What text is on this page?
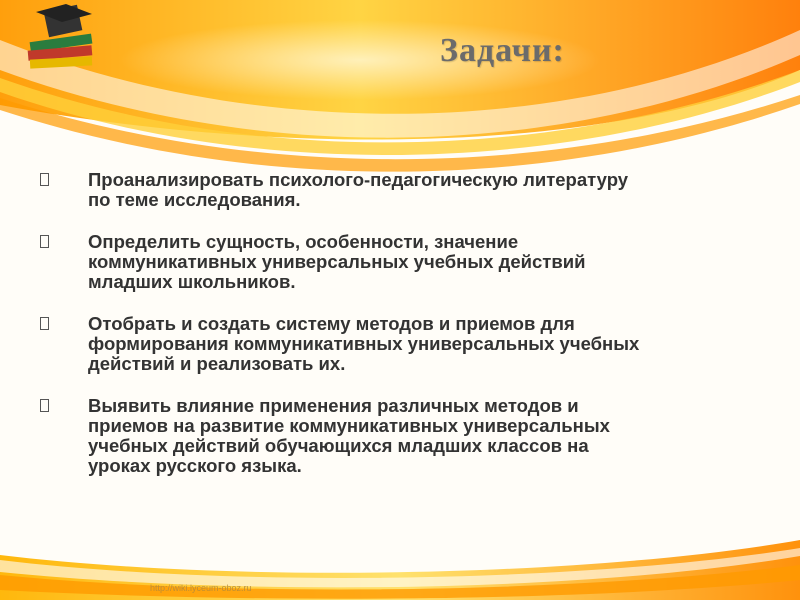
Задачи:
Проанализировать психолого-педагогическую литературу
по теме исследования.
Определить сущность, особенности, значение
коммуникативных универсальных учебных действий
младших школьников.
Отобрать и создать систему методов и приемов для
формирования коммуникативных универсальных учебных
действий и реализовать их.
Выявить влияние применения различных методов и
приемов на развитие коммуникативных универсальных
учебных действий обучающихся младших классов на
уроках русского языка.
http://wiki.lyceum-oboz.ru
